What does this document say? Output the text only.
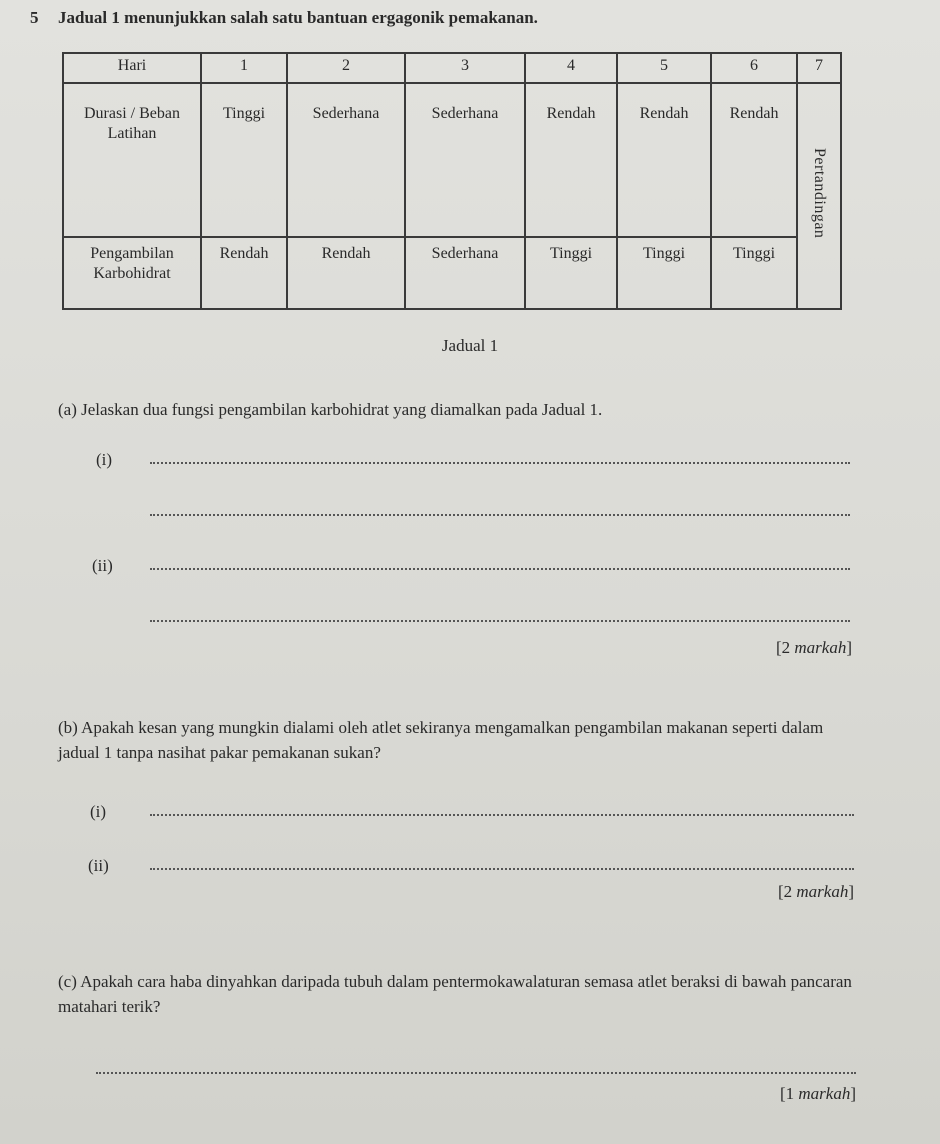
5 Jadual 1 menunjukkan salah satu bantuan ergagonik pemakanan.
Hari	1	2	3	4	5	6	7
Durasi / Beban Latihan	Tinggi	Sederhana	Sederhana	Rendah	Rendah	Rendah	Pertandingan
Pengambilan Karbohidrat	Rendah	Rendah	Sederhana	Tinggi	Tinggi	Tinggi	
Jadual 1
(a) Jelaskan dua fungsi pengambilan karbohidrat yang diamalkan pada Jadual 1.
(i)
(ii)
[2 markah]
(b) Apakah kesan yang mungkin dialami oleh atlet sekiranya mengamalkan pengambilan makanan seperti dalam jadual 1 tanpa nasihat pakar pemakanan sukan?
(i)
(ii)
[2 markah]
(c) Apakah cara haba dinyahkan daripada tubuh dalam pentermokawalaturan semasa atlet beraksi di bawah pancaran matahari terik?
[1 markah]
